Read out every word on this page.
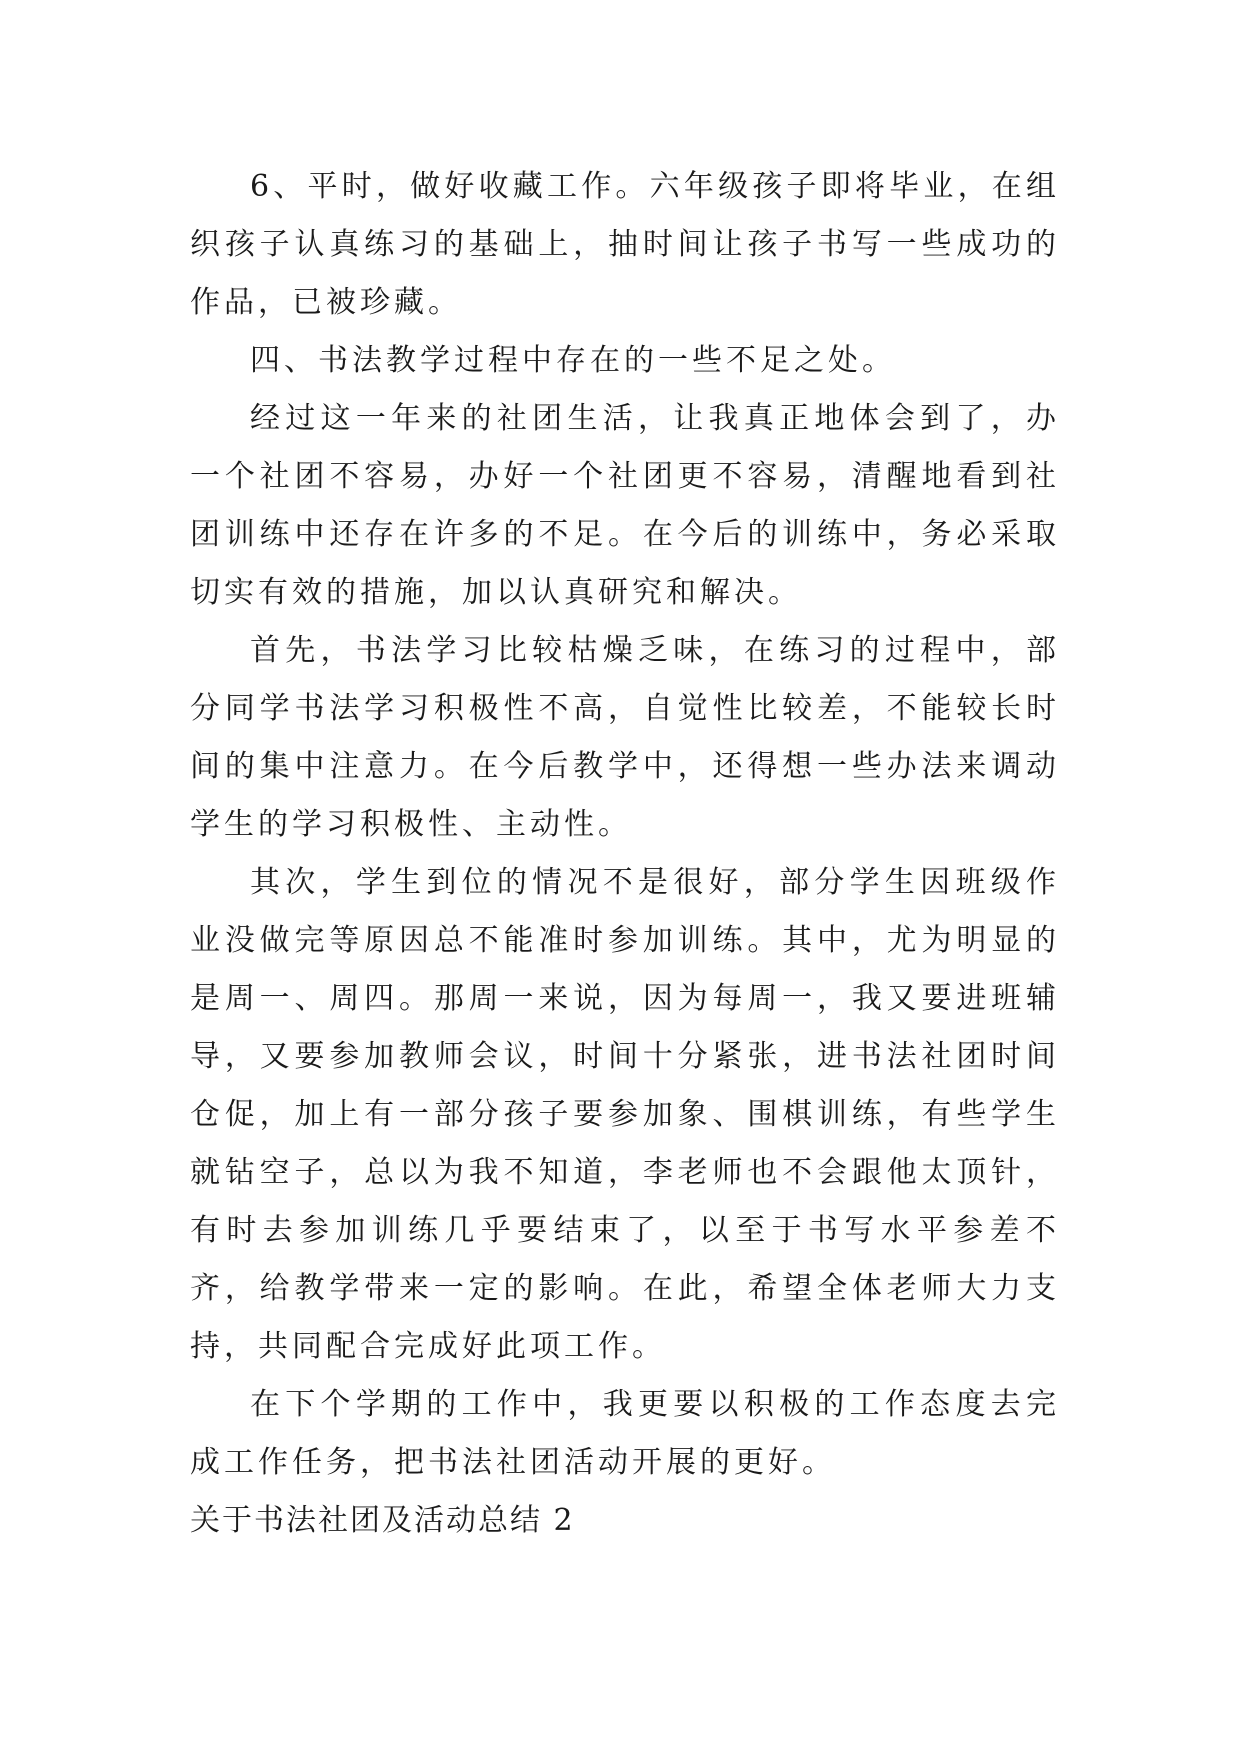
6、平时，做好收藏工作。六年级孩子即将毕业，在组织孩子认真练习的基础上，抽时间让孩子书写一些成功的作品，已被珍藏。

四、书法教学过程中存在的一些不足之处。

经过这一年来的社团生活，让我真正地体会到了，办一个社团不容易，办好一个社团更不容易，清醒地看到社团训练中还存在许多的不足。在今后的训练中，务必采取切实有效的措施，加以认真研究和解决。

首先，书法学习比较枯燥乏味，在练习的过程中，部分同学书法学习积极性不高，自觉性比较差，不能较长时间的集中注意力。在今后教学中，还得想一些办法来调动学生的学习积极性、主动性。

其次，学生到位的情况不是很好，部分学生因班级作业没做完等原因总不能准时参加训练。其中，尤为明显的是周一、周四。那周一来说，因为每周一，我又要进班辅导，又要参加教师会议，时间十分紧张，进书法社团时间仓促，加上有一部分孩子要参加象、围棋训练，有些学生就钻空子，总以为我不知道，李老师也不会跟他太顶针，有时去参加训练几乎要结束了，以至于书写水平参差不齐，给教学带来一定的影响。在此，希望全体老师大力支持，共同配合完成好此项工作。

在下个学期的工作中，我更要以积极的工作态度去完成工作任务，把书法社团活动开展的更好。

关于书法社团及活动总结 2
